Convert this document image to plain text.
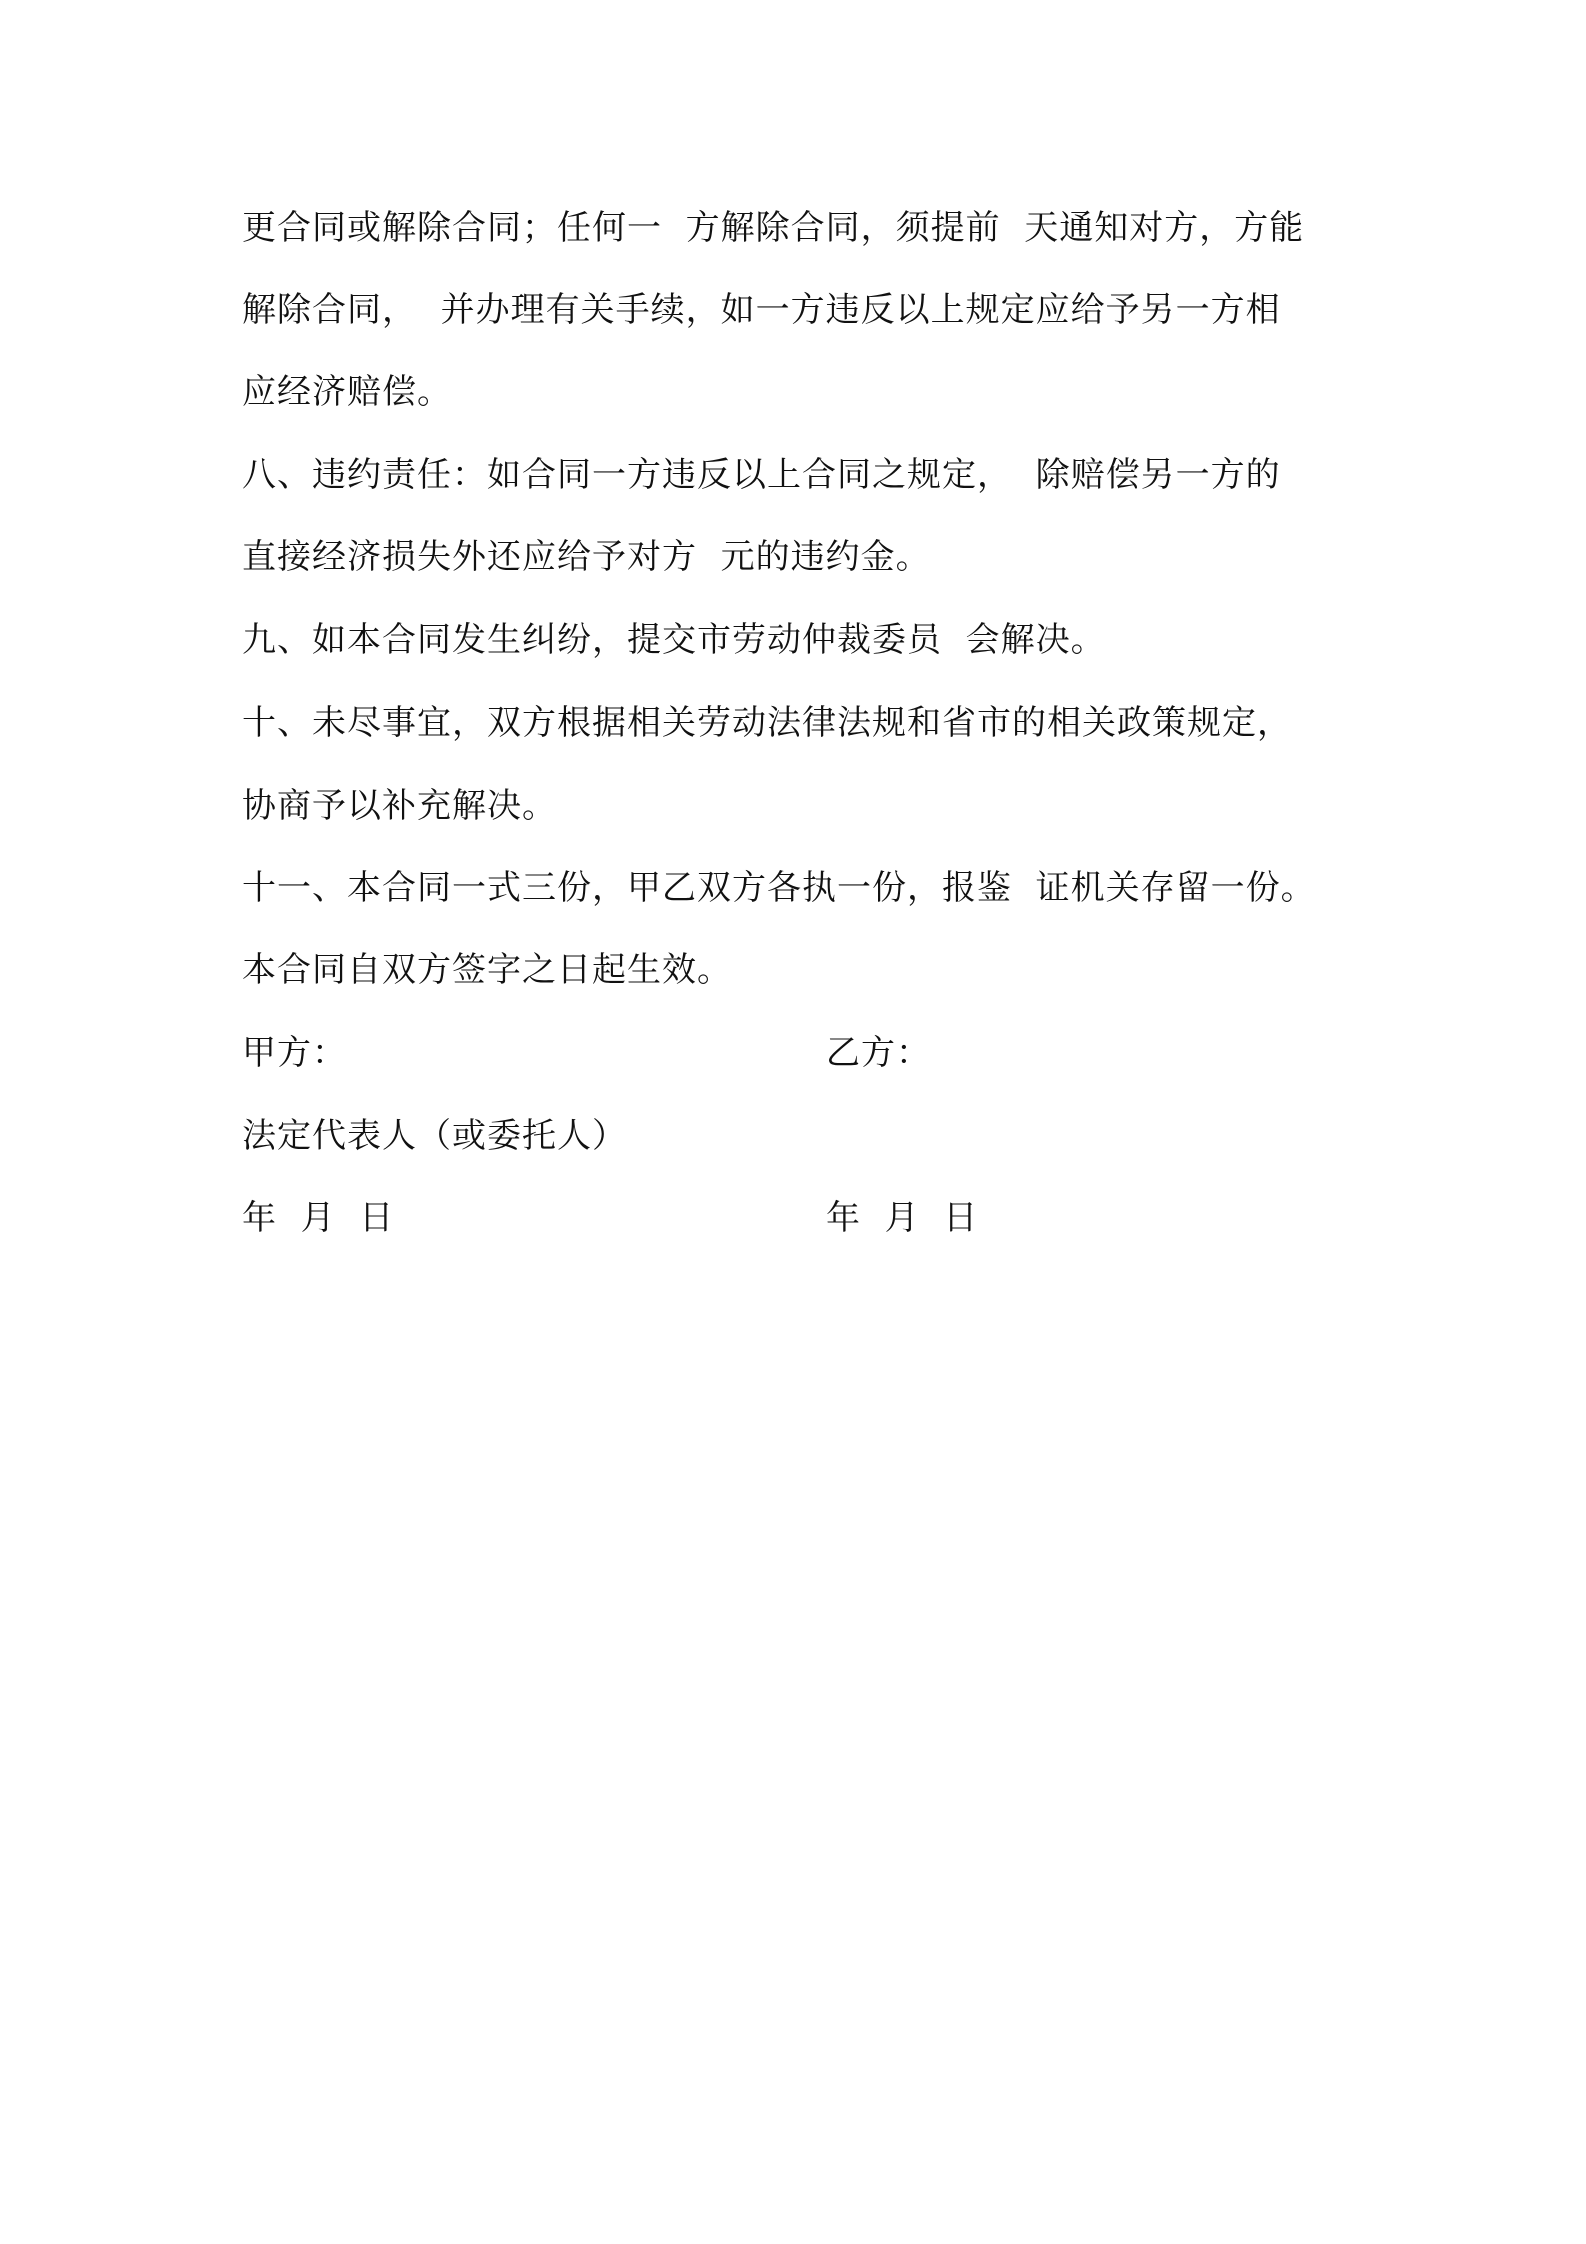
更合同或解除合同；任何一  方解除合同，须提前  天通知对方，方能
解除合同，  并办理有关手续，如一方违反以上规定应给予另一方相
应经济赔偿。
八、违约责任：如合同一方违反以上合同之规定，  除赔偿另一方的
直接经济损失外还应给予对方  元的违约金。
九、如本合同发生纠纷，提交市劳动仲裁委员  会解决。
十、未尽事宜，双方根据相关劳动法律法规和省市的相关政策规定，
协商予以补充解决。
十一、本合同一式三份，甲乙双方各执一份，报鉴  证机关存留一份。
本合同自双方签字之日起生效。
甲方：	乙方：
法定代表人（或委托人）
年  月  日	年  月  日
